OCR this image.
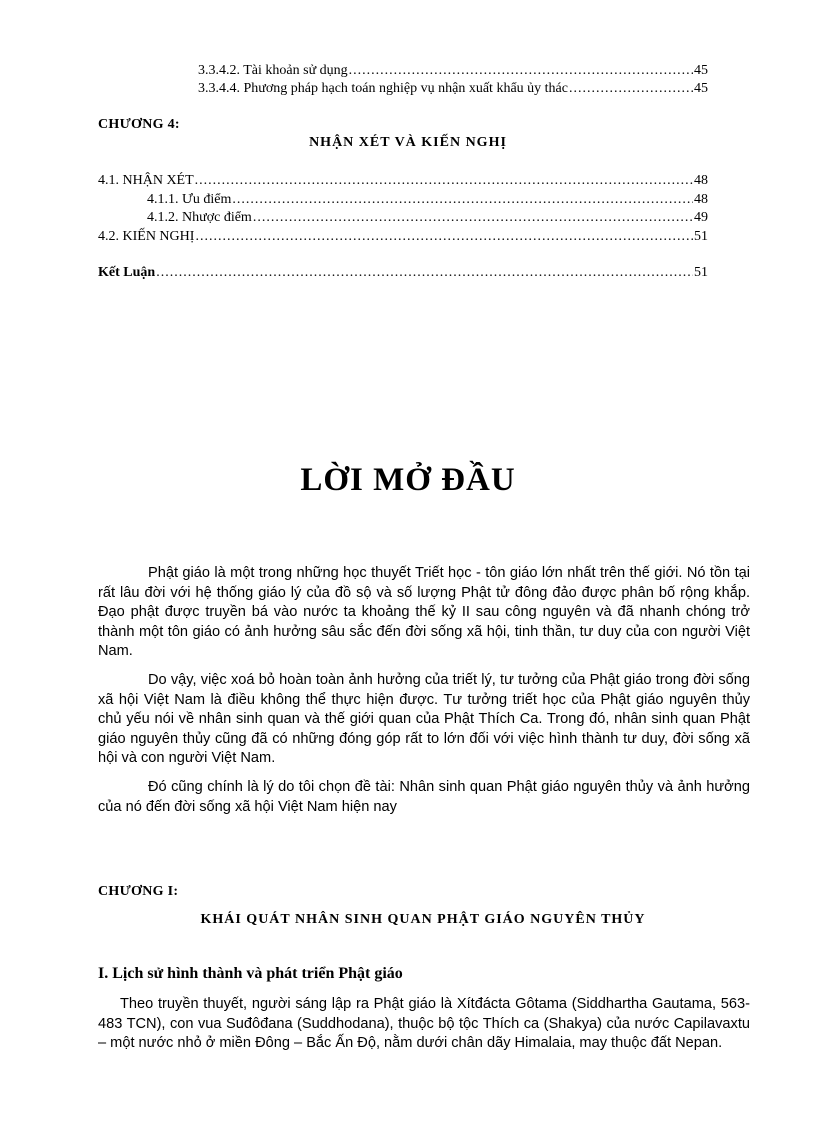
3.3.4.2. Tài khoản sử dụng .....	45
3.3.4.4. Phương pháp hạch toán nghiệp vụ nhận xuất khẩu ủy thác .....	45
CHƯƠNG 4:
NHẬN XÉT VÀ KIẾN NGHỊ
4.1. NHẬN XÉT .....	48
4.1.1. Ưu điểm .....	48
4.1.2. Nhược điểm .....	49
4.2. KIẾN NGHỊ .....	51
Kết Luận .....	51
LỜI MỞ ĐẦU

Phật giáo là một trong những học thuyết Triết học - tôn giáo lớn nhất trên thế giới. Nó tồn tại rất lâu đời với hệ thống giáo lý của đồ sộ và số lượng Phật tử đông đảo được phân bố rộng khắp. Đạo phật được truyền bá vào nước ta khoảng thế kỷ II sau công nguyên và đã nhanh chóng trở thành một tôn giáo có ảnh hưởng sâu sắc đến đời sống xã hội, tinh thần, tư duy của con người Việt Nam.

Do vậy, việc xoá bỏ hoàn toàn ảnh hưởng của triết lý, tư tưởng của Phật giáo trong đời sống xã hội Việt Nam là điều không thể thực hiện được. Tư tưởng triết học của Phật giáo nguyên thủy chủ yếu nói về nhân sinh quan và thế giới quan của Phật Thích Ca. Trong đó, nhân sinh quan Phật giáo nguyên thủy cũng đã có những đóng góp rất to lớn đối với việc hình thành tư duy, đời sống xã hội và con người Việt Nam.

Đó cũng chính là lý do tôi chọn đề tài: Nhân sinh quan Phật giáo nguyên thủy và ảnh hưởng của nó đến đời sống xã hội Việt Nam hiện nay

CHƯƠNG I:
KHÁI QUÁT NHÂN SINH QUAN PHẬT GIÁO NGUYÊN THỦY
I. Lịch sử hình thành và phát triển Phật giáo

Theo truyền thuyết, người sáng lập ra Phật giáo là Xítđácta Gôtama (Siddhartha Gautama, 563-483 TCN), con vua Suđôđana (Suddhodana), thuộc bộ tộc Thích ca (Shakya) của nước Capilavaxtu – một nước nhỏ ở miền Đông – Bắc Ấn Độ, nằm dưới chân dãy Himalaia, may thuộc đất Nepan.
